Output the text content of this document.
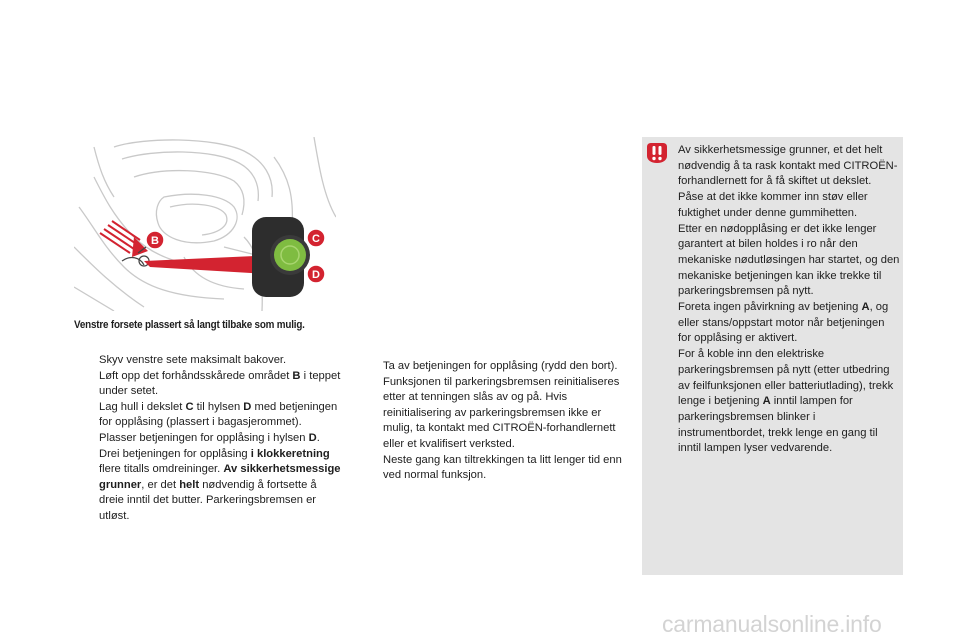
B	C
D
Venstre forsete plassert så langt tilbake som mulig.
Skyv venstre sete maksimalt bakover.
Løft opp det forhåndsskårede området B i teppet under setet.
Lag hull i dekslet C til hylsen D med betjeningen for opplåsing (plassert i bagasjerommet).
Plasser betjeningen for opplåsing i hylsen D.
Drei betjeningen for opplåsing i klokkeretning flere titalls omdreininger. Av sikkerhetsmessige grunner, er det helt nødvendig å fortsette å dreie inntil det butter. Parkeringsbremsen er utløst.
Ta av betjeningen for opplåsing (rydd den bort).
Funksjonen til parkeringsbremsen reinitialiseres etter at tenningen slås av og på. Hvis reinitialisering av parkeringsbremsen ikke er mulig, ta kontakt med CITROËN-forhandlernett eller et kvalifisert verksted.
Neste gang kan tiltrekkingen ta litt lenger tid enn ved normal funksjon.

Av sikkerhetsmessige grunner, et det helt nødvendig å ta rask kontakt med CITROËN-forhandlernett for å få skiftet ut dekslet.

Påse at det ikke kommer inn støv eller fuktighet under denne gummihetten.

Etter en nødopplåsing er det ikke lenger garantert at bilen holdes i ro når den mekaniske nødutløsingen har startet, og den mekaniske betjeningen kan ikke trekke til parkeringsbremsen på nytt.

Foreta ingen påvirkning av betjening A, og eller stans/oppstart motor når betjeningen for opplåsing er aktivert.

For å koble inn den elektriske parkeringsbremsen på nytt (etter utbedring av feilfunksjonen eller batteriutlading), trekk lenge i betjening A inntil lampen for parkeringsbremsen blinker i instrumentbordet, trekk lenge en gang til inntil lampen lyser vedvarende.

carmanualsonline.info
